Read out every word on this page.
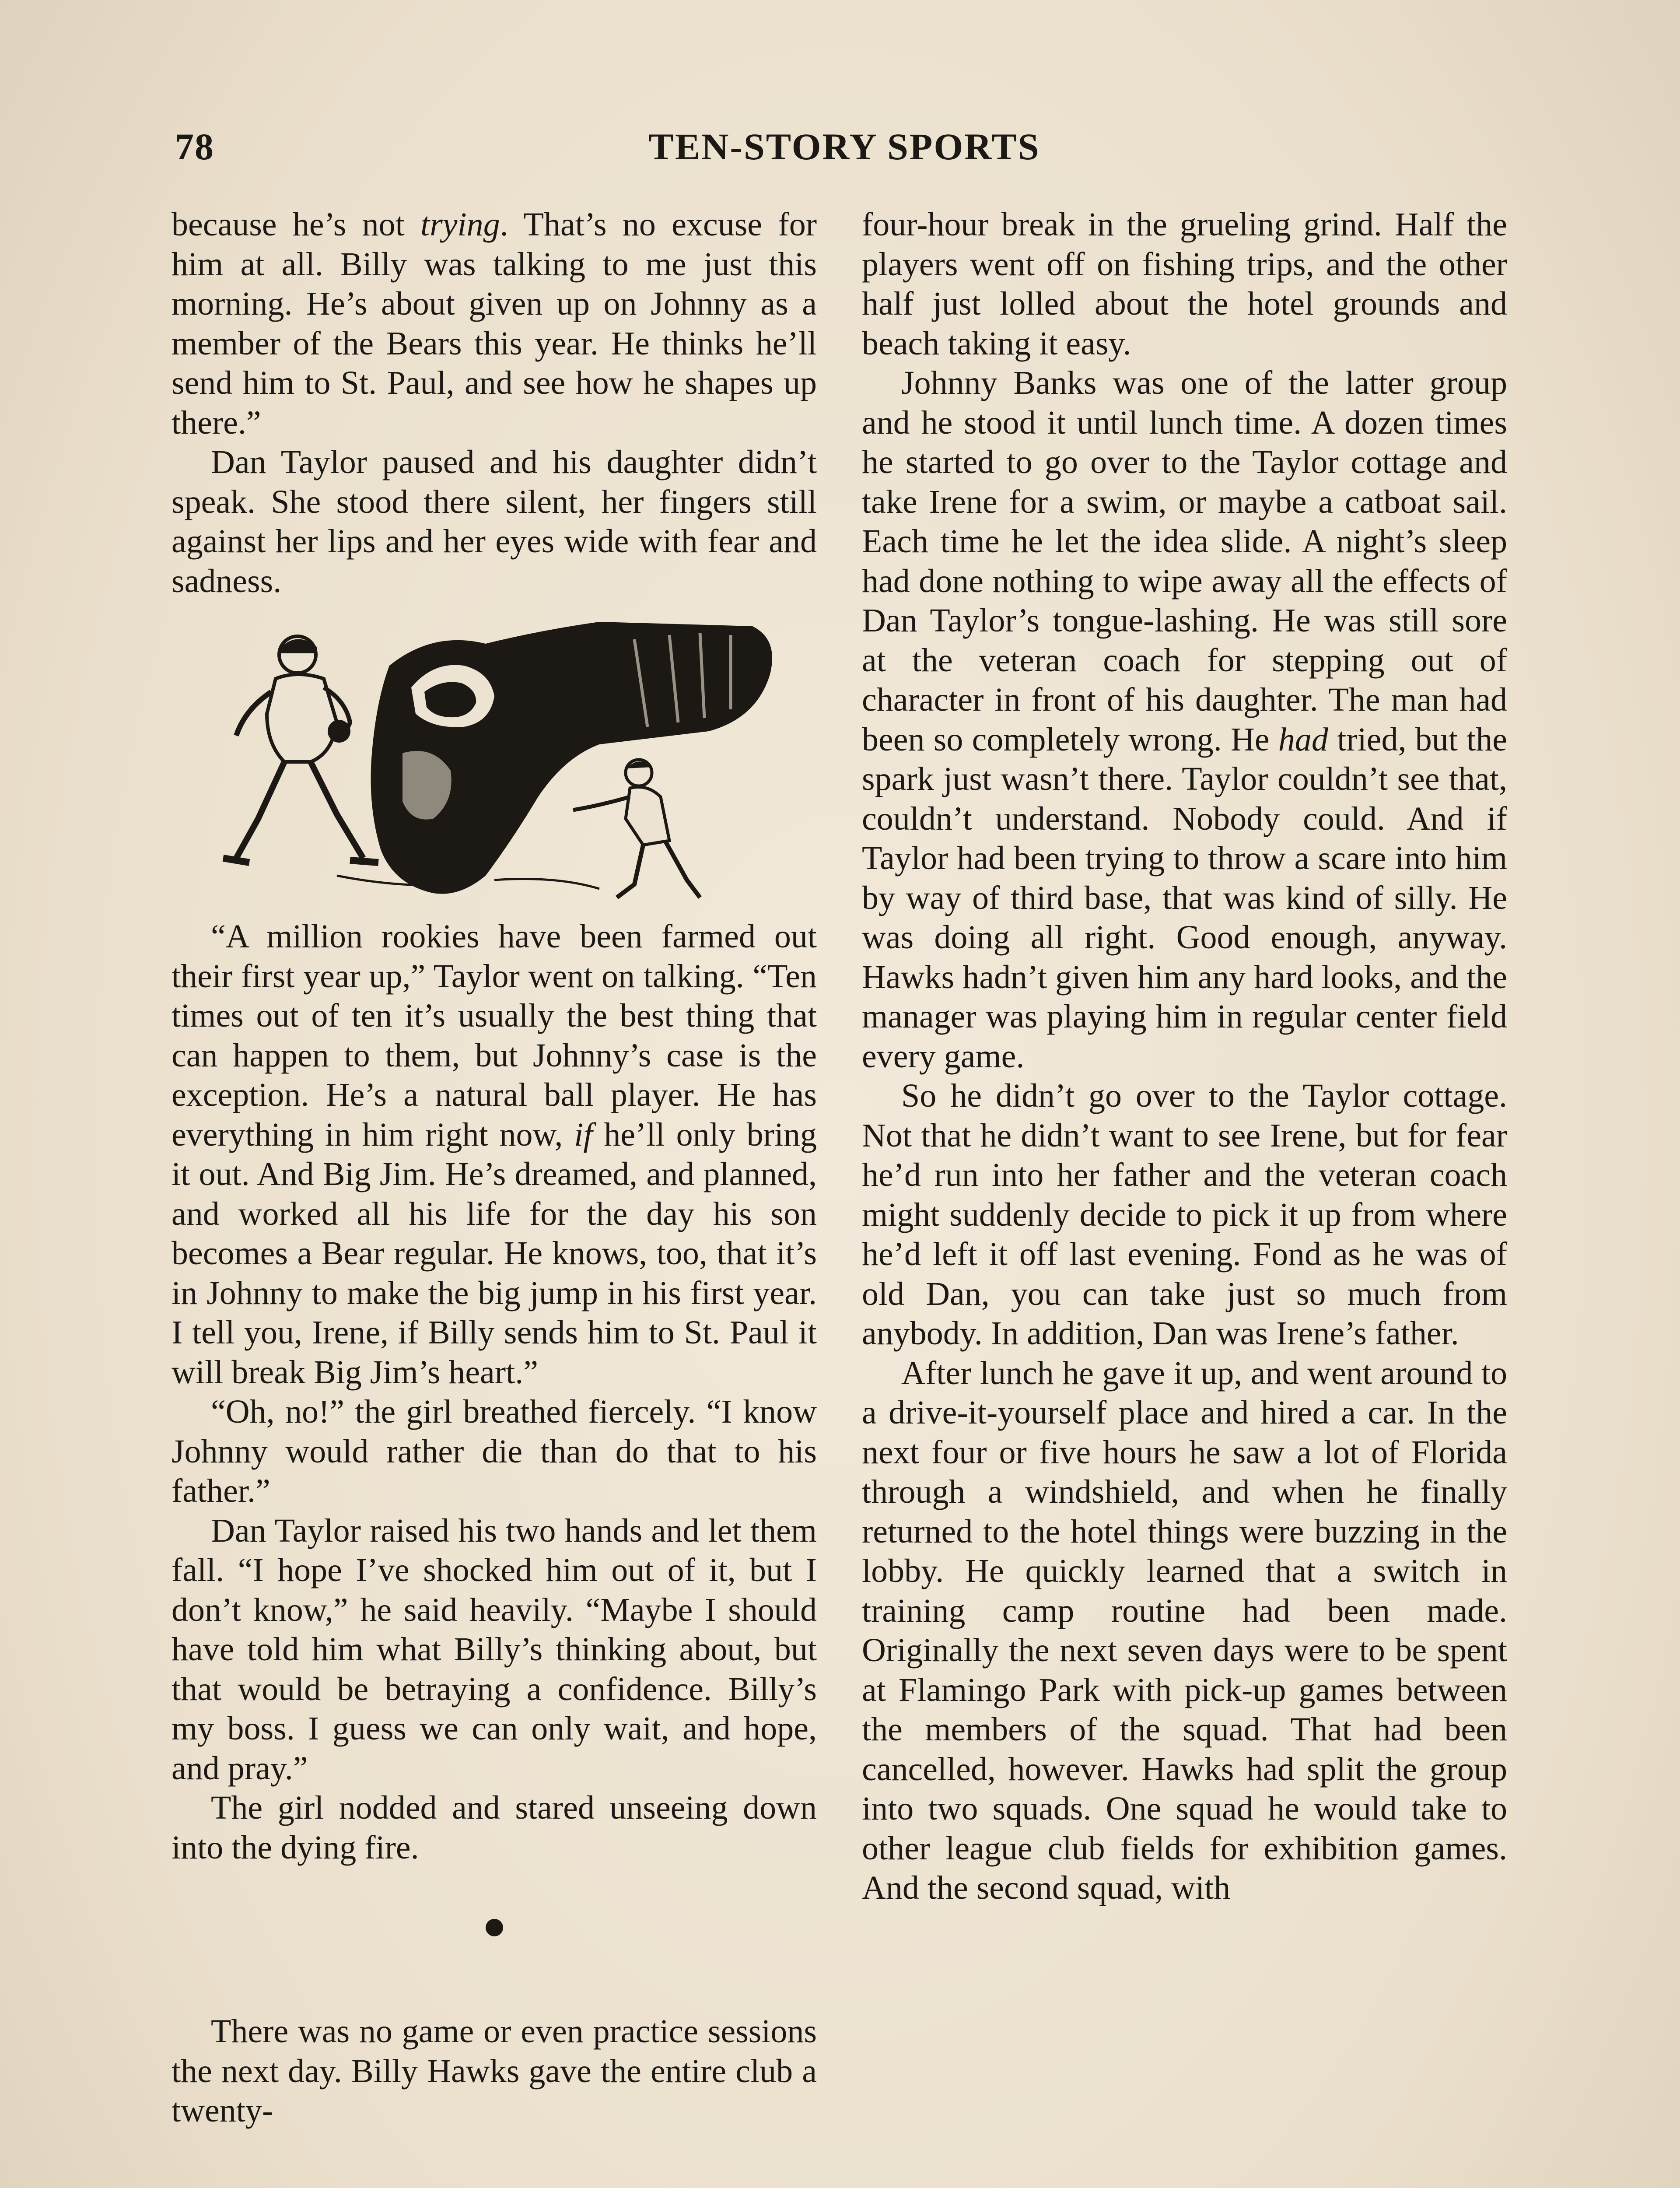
78	TEN-STORY SPORTS

because he’s not trying. That’s no excuse for him at all. Billy was talking to me just this morning. He’s about given up on Johnny as a member of the Bears this year. He thinks he’ll send him to St. Paul, and see how he shapes up there.”

Dan Taylor paused and his daughter didn’t speak. She stood there silent, her fingers still against her lips and her eyes wide with fear and sadness.

“A million rookies have been farmed out their first year up,” Taylor went on talking. “Ten times out of ten it’s usually the best thing that can happen to them, but Johnny’s case is the exception. He’s a natural ball player. He has everything in him right now, if he’ll only bring it out. And Big Jim. He’s dreamed, and planned, and worked all his life for the day his son becomes a Bear regular. He knows, too, that it’s in Johnny to make the big jump in his first year. I tell you, Irene, if Billy sends him to St. Paul it will break Big Jim’s heart.”

“Oh, no!” the girl breathed fiercely. “I know Johnny would rather die than do that to his father.”

Dan Taylor raised his two hands and let them fall. “I hope I’ve shocked him out of it, but I don’t know,” he said heavily. “Maybe I should have told him what Billy’s thinking about, but that would be betraying a confidence. Billy’s my boss. I guess we can only wait, and hope, and pray.”

The girl nodded and stared unseeing down into the dying fire.

There was no game or even practice sessions the next day. Billy Hawks gave the entire club a twenty-

four-hour break in the grueling grind. Half the players went off on fishing trips, and the other half just lolled about the hotel grounds and beach taking it easy.

Johnny Banks was one of the latter group and he stood it until lunch time. A dozen times he started to go over to the Taylor cottage and take Irene for a swim, or maybe a catboat sail. Each time he let the idea slide. A night’s sleep had done nothing to wipe away all the effects of Dan Taylor’s tongue-lashing. He was still sore at the veteran coach for stepping out of character in front of his daughter. The man had been so completely wrong. He had tried, but the spark just wasn’t there. Taylor couldn’t see that, couldn’t understand. Nobody could. And if Taylor had been trying to throw a scare into him by way of third base, that was kind of silly. He was doing all right. Good enough, anyway. Hawks hadn’t given him any hard looks, and the manager was playing him in regular center field every game.

So he didn’t go over to the Taylor cottage. Not that he didn’t want to see Irene, but for fear he’d run into her father and the veteran coach might suddenly decide to pick it up from where he’d left it off last evening. Fond as he was of old Dan, you can take just so much from anybody. In addition, Dan was Irene’s father.

After lunch he gave it up, and went around to a drive-it-yourself place and hired a car. In the next four or five hours he saw a lot of Florida through a windshield, and when he finally returned to the hotel things were buzzing in the lobby. He quickly learned that a switch in training camp routine had been made. Originally the next seven days were to be spent at Flamingo Park with pick-up games between the members of the squad. That had been cancelled, however. Hawks had split the group into two squads. One squad he would take to other league club fields for exhibition games. And the second squad, with
